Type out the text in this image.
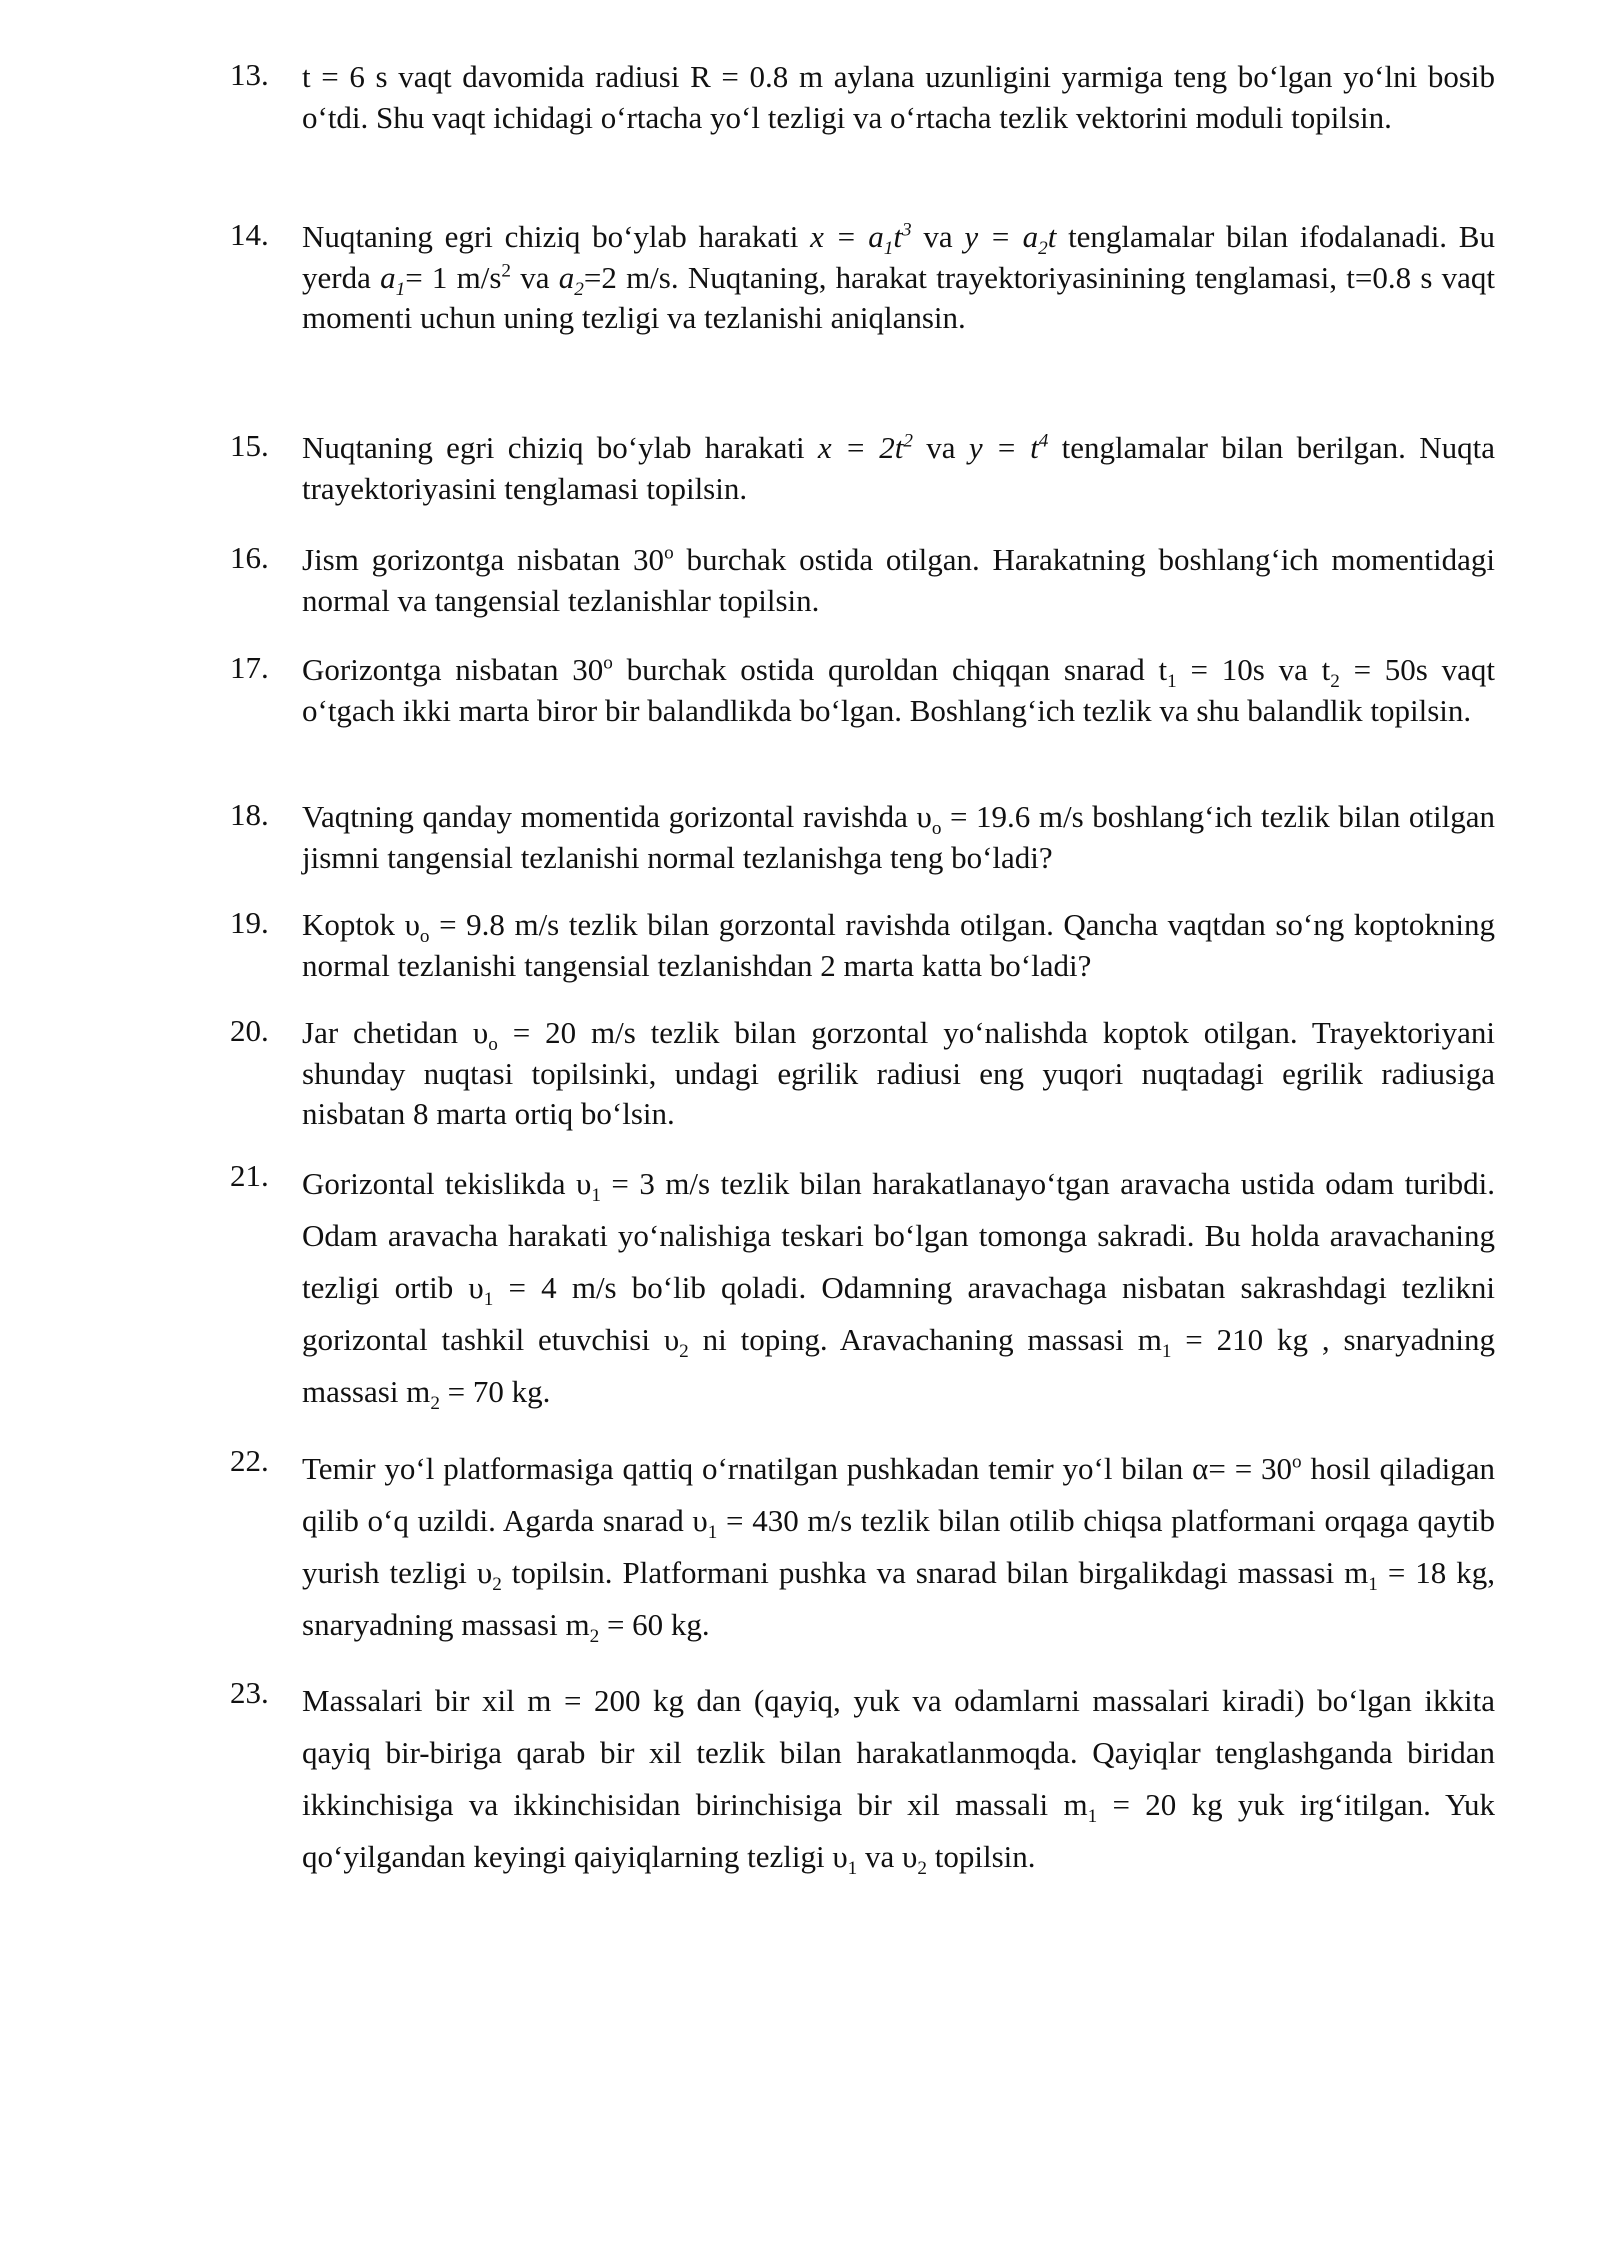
13.	t = 6 s vaqt davomida radiusi R = 0.8 m aylana uzunligini yarmiga teng bo‘lgan yo‘lni bosib o‘tdi. Shu vaqt ichidagi o‘rtacha yo‘l tezligi va o‘rtacha tezlik vektorini moduli topilsin.
14.	Nuqtaning egri chiziq bo‘ylab harakati $x = a_1t^3$ va $y = a_2t$ tenglamalar bilan ifodalanadi. Bu yerda $a_1= 1$ $m/s^2$ va $a_2=2$ m/s. Nuqtaning, harakat trayektoriyasinining tenglamasi, t=0.8 s vaqt momenti uchun uning tezligi va tezlanishi aniqlansin.
15.	Nuqtaning egri chiziq bo‘ylab harakati $x = 2t^2$ va $y = t^4$ tenglamalar bilan berilgan. Nuqta trayektoriyasini tenglamasi topilsin.
16.	Jism gorizontga nisbatan 30$^o$ burchak ostida otilgan. Harakatning boshlang‘ich momentidagi normal va tangensial tezlanishlar topilsin.
17.	Gorizontga nisbatan 30$^o$ burchak ostida quroldan chiqqan snarad $t_1 = 10s$ va $t_2 = 50s$ vaqt o‘tgach ikki marta biror bir balandlikda bo‘lgan. Boshlang‘ich tezlik va shu balandlik topilsin.
18.	Vaqtning qanday momentida gorizontal ravishda $\upsilon_o = 19.6$ m/s boshlang‘ich tezlik bilan otilgan jismni tangensial tezlanishi normal tezlanishga teng bo‘ladi?
19.	Koptok $\upsilon_o = 9.8$ m/s tezlik bilan gorzontal ravishda otilgan. Qancha vaqtdan so‘ng koptokning normal tezlanishi tangensial tezlanishdan 2 marta katta bo‘ladi?
20.	Jar chetidan $\upsilon_o = 20$ m/s tezlik bilan gorzontal yo‘nalishda koptok otilgan. Trayektoriyani shunday nuqtasi topilsinki, undagi egrilik radiusi eng yuqori nuqtadagi egrilik radiusiga nisbatan 8 marta ortiq bo‘lsin.
21.	Gorizontal tekislikda $\upsilon_1 = 3$ m/s tezlik bilan harakatlanayo‘tgan aravacha ustida odam turibdi. Odam aravacha harakati yo‘nalishiga teskari bo‘lgan tomonga sakradi. Bu holda aravachaning tezligi ortib $\upsilon_1 = 4$ m/s bo‘lib qoladi. Odamning aravachaga nisbatan sakrashdagi tezlikni gorizontal tashkil etuvchisi $\upsilon_2$ ni toping. Aravachaning massasi $m_1 = 210$ kg , snaryadning massasi $m_2 = 70$ kg.
22.	Temir yo‘l platformasiga qattiq o‘rnatilgan pushkadan temir yo‘l bilan $\alpha= = 30^o$ hosil qiladigan qilib o‘q uzildi. Agarda snarad $\upsilon_1 = 430$ m/s tezlik bilan otilib chiqsa platformani orqaga qaytib yurish tezligi $\upsilon_2$ topilsin. Platformani pushka va snarad bilan birgalikdagi massasi $m_1 = 18$ kg, snaryadning massasi $m_2 = 60$ kg.
23.	Massalari bir xil m = 200 kg dan (qayiq, yuk va odamlarni massalari kiradi) bo‘lgan ikkita qayiq bir-biriga qarab bir xil tezlik bilan harakatlanmoqda. Qayiqlar tenglashganda biridan ikkinchisiga va ikkinchisidan birinchisiga bir xil massali $m_1 = 20$ kg yuk irg‘itilgan. Yuk qo‘yilgandan keyingi qaiyiqlarning tezligi $\upsilon_1$ va $\upsilon_2$ topilsin.
